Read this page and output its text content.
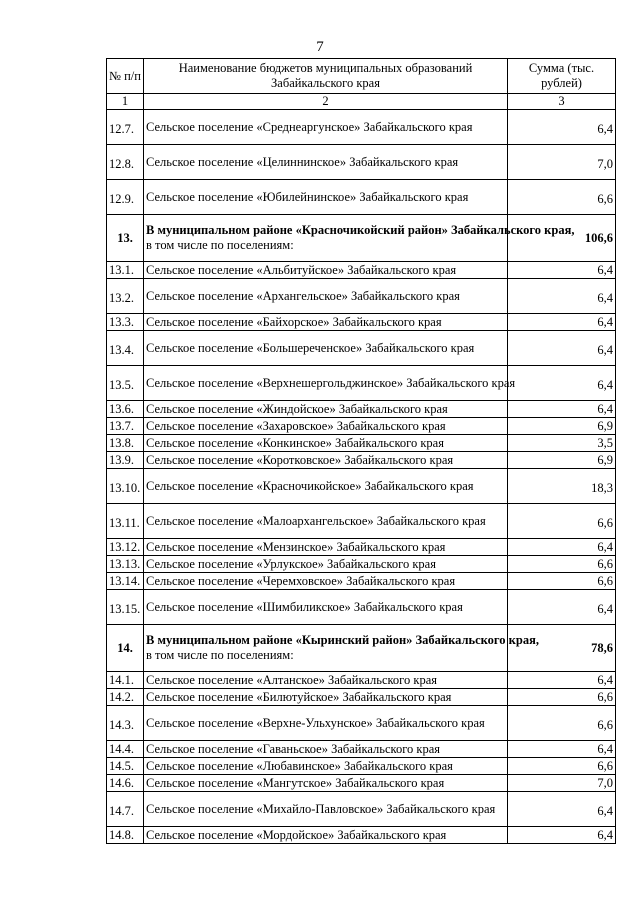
7
№ п/п	Наименование бюджетов муниципальных образований Забайкальского края	Сумма (тыс. рублей)
1	2	3
12.7.	Сельское поселение «Среднеаргунское» Забайкальского края	6,4
12.8.	Сельское поселение «Целиннинское» Забайкальского края	7,0
12.9.	Сельское поселение «Юбилейнинское» Забайкальского края	6,6
13.	В муниципальном районе «Красночикойский район» Забайкальского края,
в том числе по поселениям:	106,6
13.1.	Сельское поселение «Альбитуйское» Забайкальского края	6,4
13.2.	Сельское поселение «Архангельское» Забайкальского края	6,4
13.3.	Сельское поселение «Байхорское» Забайкальского края	6,4
13.4.	Сельское поселение «Большереченское» Забайкальского края	6,4
13.5.	Сельское поселение «Верхнешергольджинское» Забайкальского края	6,4
13.6.	Сельское поселение «Жиндойское» Забайкальского края	6,4
13.7.	Сельское поселение «Захаровское» Забайкальского края	6,9
13.8.	Сельское поселение «Конкинское» Забайкальского края	3,5
13.9.	Сельское поселение «Коротковское» Забайкальского края	6,9
13.10.	Сельское поселение «Красночикойское» Забайкальского края	18,3
13.11.	Сельское поселение «Малоархангельское» Забайкальского края	6,6
13.12.	Сельское поселение «Мензинское» Забайкальского края	6,4
13.13.	Сельское поселение «Урлукское» Забайкальского края	6,6
13.14.	Сельское поселение «Черемховское» Забайкальского края	6,6
13.15.	Сельское поселение «Шимбиликское» Забайкальского края	6,4
14.	В муниципальном районе «Кыринский район» Забайкальского края,
в том числе по поселениям:	78,6
14.1.	Сельское поселение «Алтанское» Забайкальского края	6,4
14.2.	Сельское поселение «Билютуйское» Забайкальского края	6,6
14.3.	Сельское поселение «Верхне-Ульхунское» Забайкальского края	6,6
14.4.	Сельское поселение «Гаваньское» Забайкальского края	6,4
14.5.	Сельское поселение «Любавинское» Забайкальского края	6,6
14.6.	Сельское поселение «Мангутское» Забайкальского края	7,0
14.7.	Сельское поселение «Михайло-Павловское» Забайкальского края	6,4
14.8.	Сельское поселение «Мордойское» Забайкальского края	6,4
